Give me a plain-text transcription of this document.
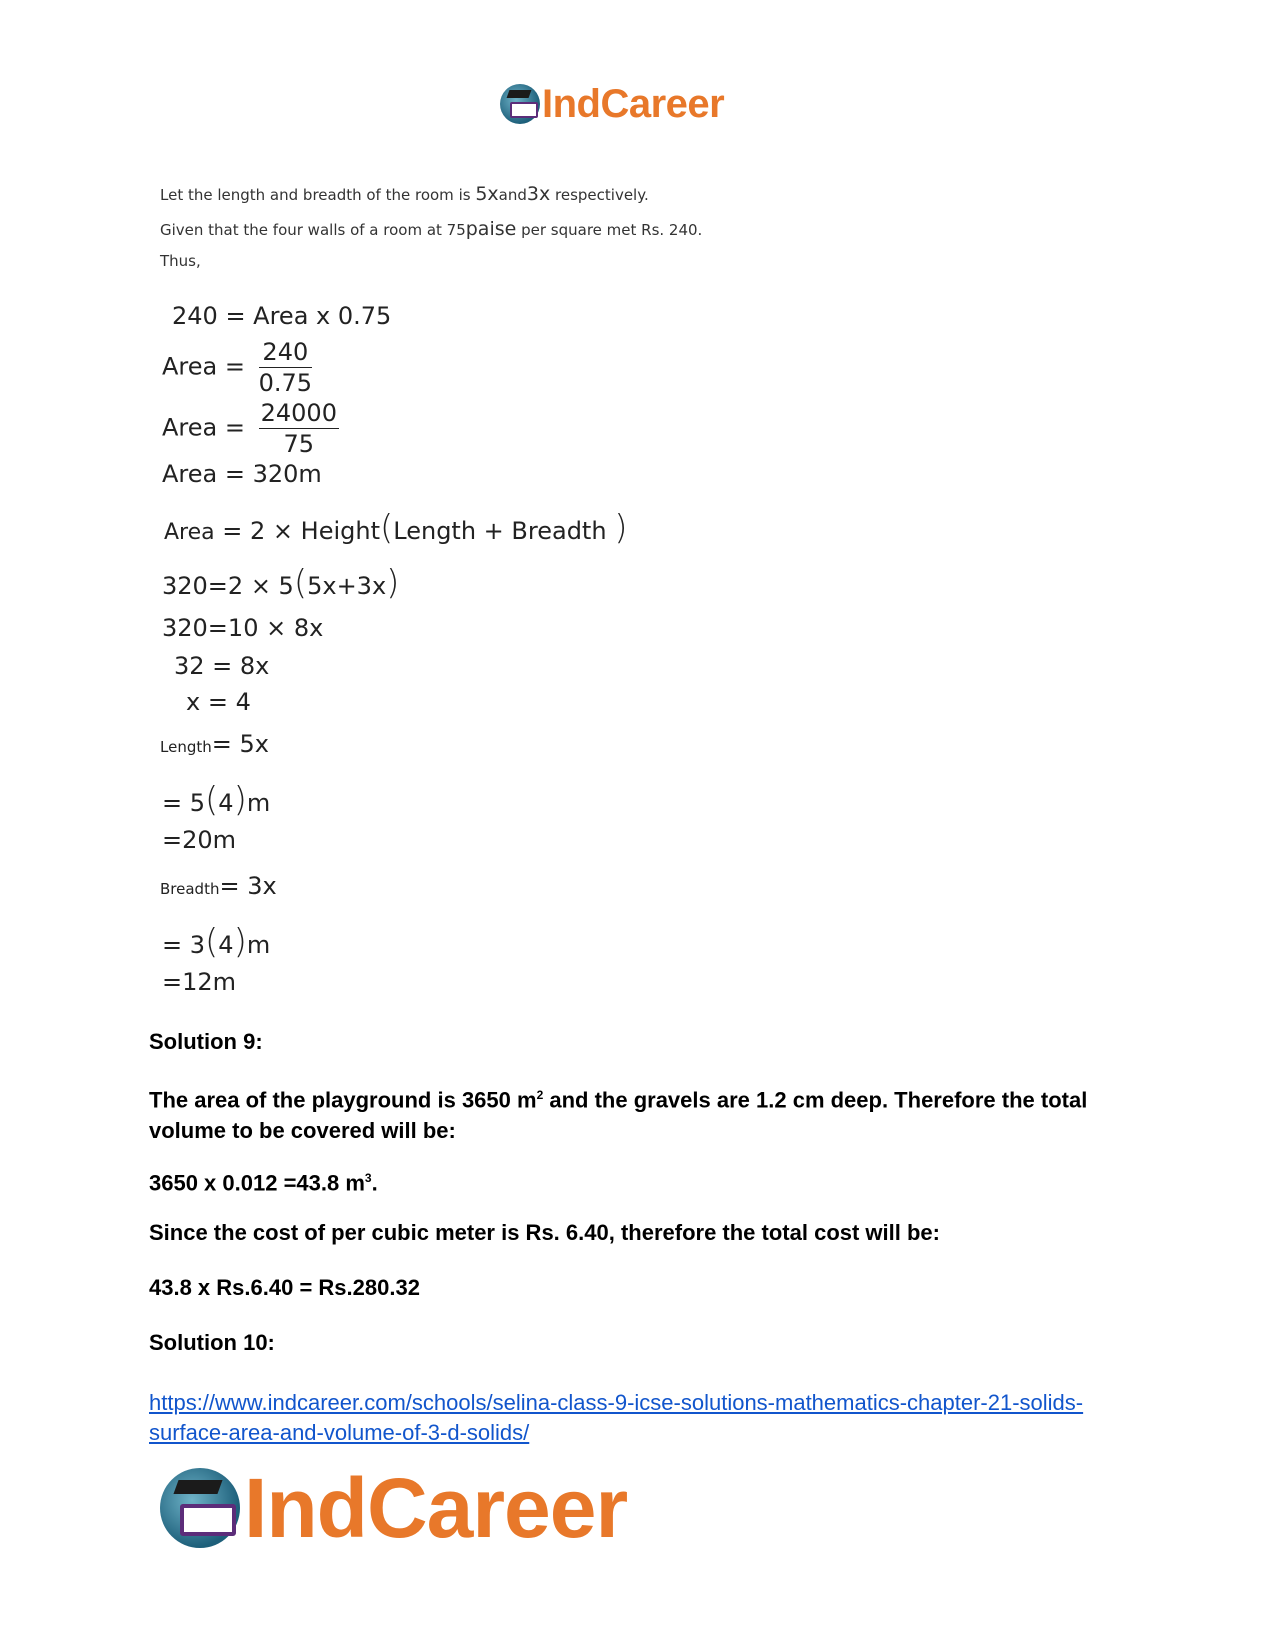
IndCareer
Let the length and breadth of the room is 5xand3x respectively.
Given that the four walls of a room at 75paise per square met Rs. 240.
Thus,
240 = Area x 0.75
Area = $\frac{240}{0.75}$
Area = $\frac{24000}{75}$
Area = 320m
Area = 2 × Height(Length + Breadth )
320=2 × 5(5x+3x)
320=10 × 8x
32 = 8x
x = 4
Length= 5x
= 5(4)m
=20m
Breadth= 3x
= 3(4)m
=12m
Solution 9:
The area of the playground is 3650 $m^2$ and the gravels are 1.2 cm deep. Therefore the total volume to be covered will be:
3650 x 0.012 =43.8 $m^3$.
Since the cost of per cubic meter is Rs. 6.40, therefore the total cost will be:
43.8 x Rs.6.40 = Rs.280.32
Solution 10:
https://www.indcareer.com/schools/selina-class-9-icse-solutions-mathematics-chapter-21-solids-surface-area-and-volume-of-3-d-solids/
IndCareer
